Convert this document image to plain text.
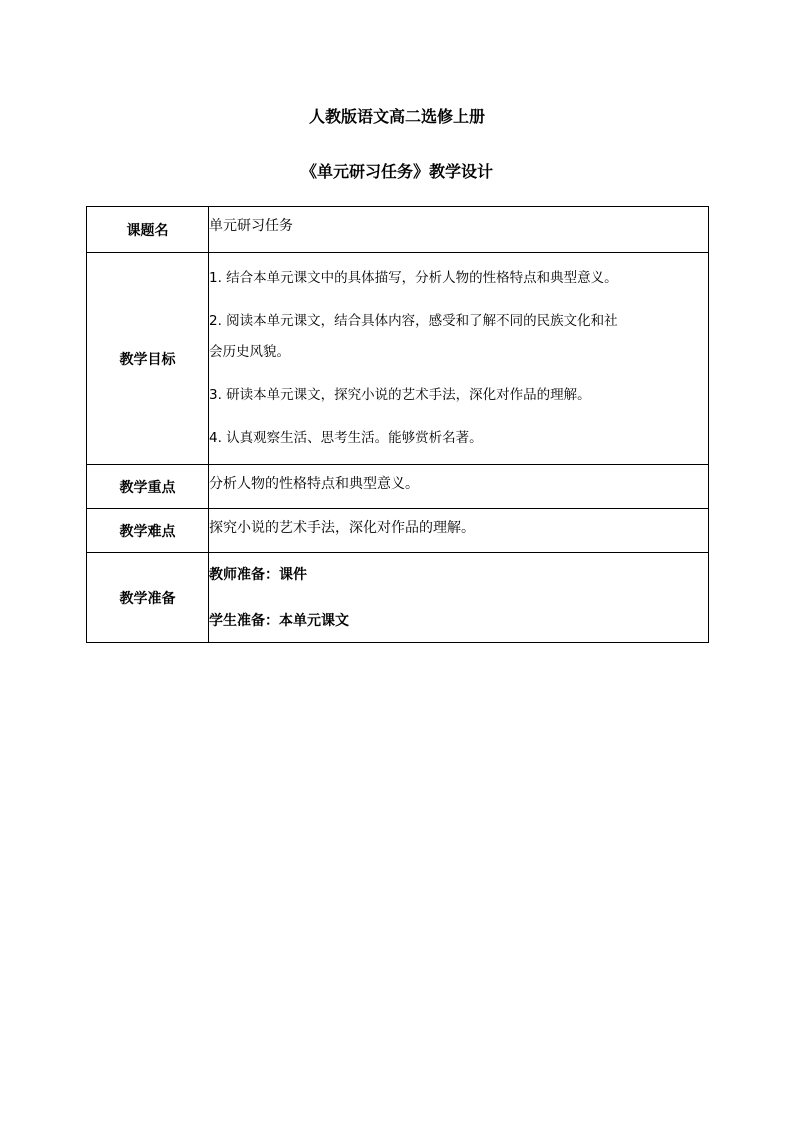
人教版语文高二选修上册
《单元研习任务》教学设计
课题名	单元研习任务

教学目标	1. 结合本单元课文中的具体描写，分析人物的性格特点和典型意义。

2. 阅读本单元课文，结合具体内容，感受和了解不同的民族文化和社

会历史风貌。

3. 研读本单元课文，探究小说的艺术手法，深化对作品的理解。

4. 认真观察生活、思考生活。能够赏析名著。

教学重点	分析人物的性格特点和典型意义。

教学难点	探究小说的艺术手法，深化对作品的理解。

教学准备	教师准备：课件

学生准备：本单元课文
